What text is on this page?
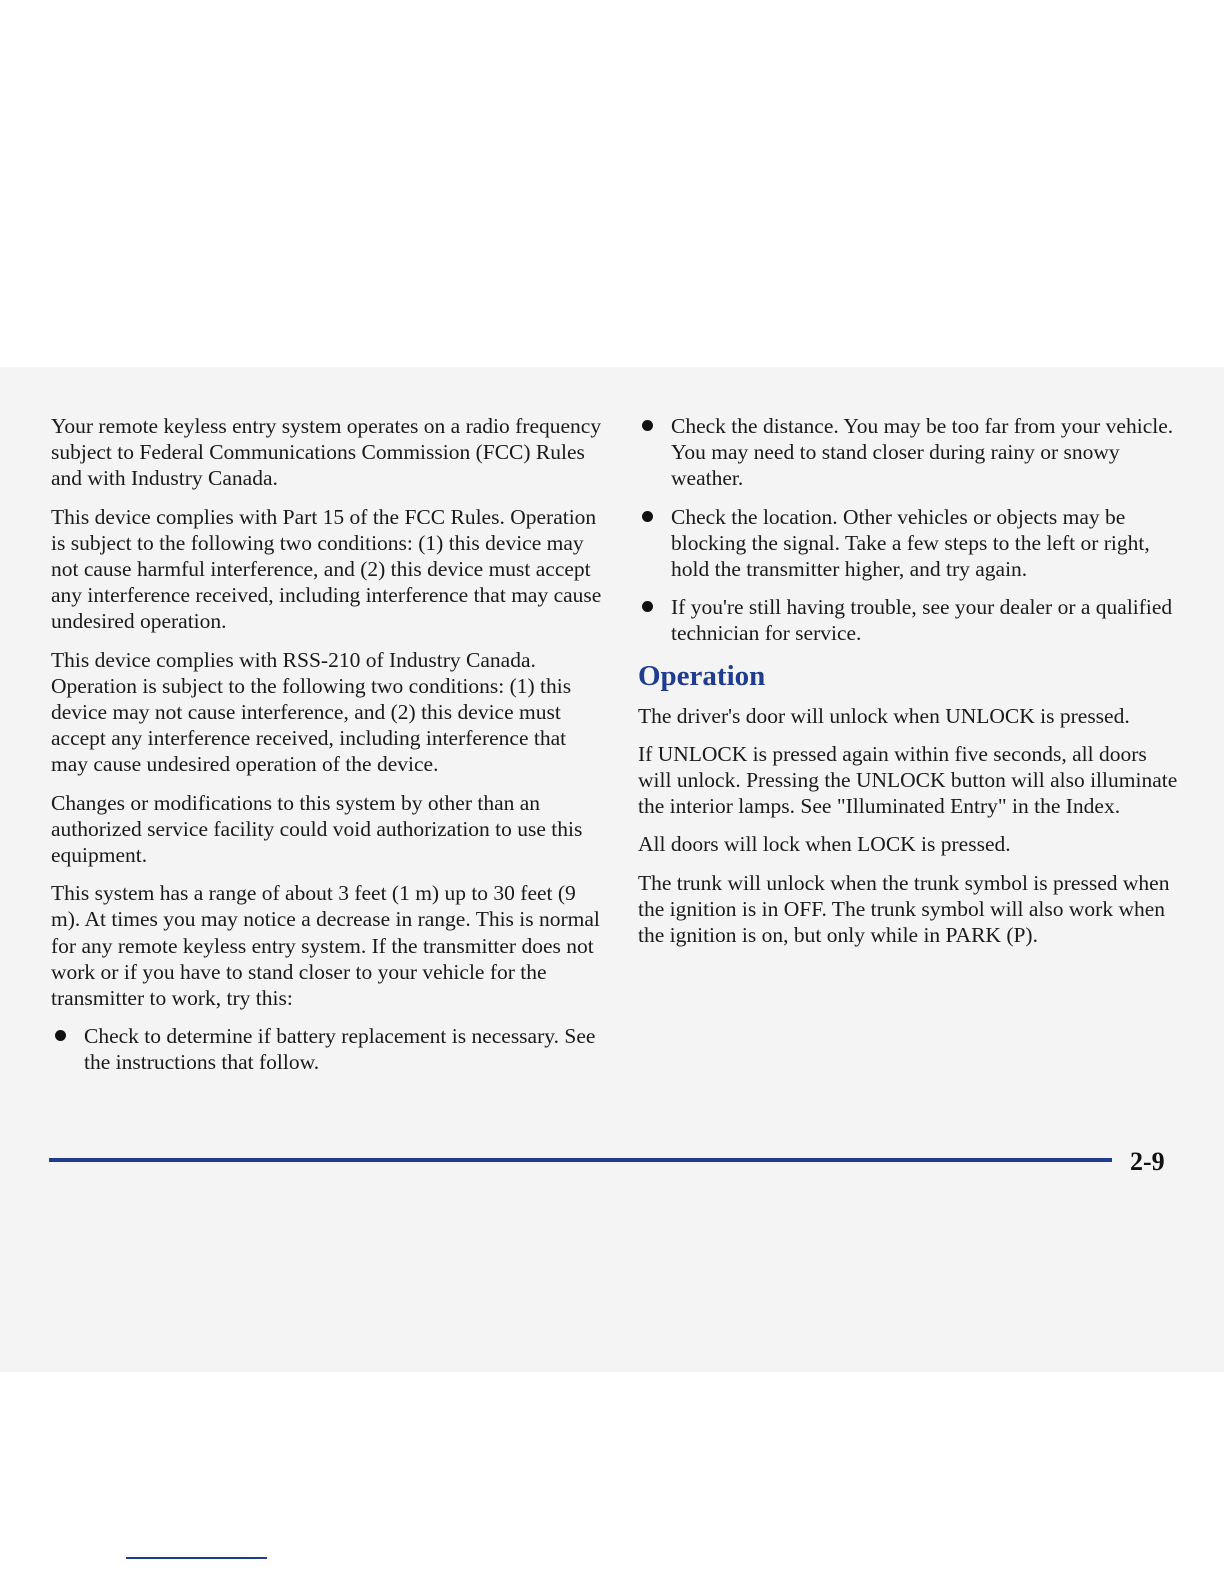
Your remote keyless entry system operates on a radio frequency subject to Federal Communications Commission (FCC) Rules and with Industry Canada.

This device complies with Part 15 of the FCC Rules. Operation is subject to the following two conditions: (1) this device may not cause harmful interference, and (2) this device must accept any interference received, including interference that may cause undesired operation.

This device complies with RSS-210 of Industry Canada. Operation is subject to the following two conditions: (1) this device may not cause interference, and (2) this device must accept any interference received, including interference that may cause undesired operation of the device.

Changes or modifications to this system by other than an authorized service facility could void authorization to use this equipment.

This system has a range of about 3 feet (1 m) up to 30 feet (9 m). At times you may notice a decrease in range. This is normal for any remote keyless entry system. If the transmitter does not work or if you have to stand closer to your vehicle for the transmitter to work, try this:

Check to determine if battery replacement is necessary. See the instructions that follow.
Check the distance. You may be too far from your vehicle. You may need to stand closer during rainy or snowy weather.
Check the location. Other vehicles or objects may be blocking the signal. Take a few steps to the left or right, hold the transmitter higher, and try again.
If you're still having trouble, see your dealer or a qualified technician for service.
Operation

The driver's door will unlock when UNLOCK is pressed.

If UNLOCK is pressed again within five seconds, all doors will unlock. Pressing the UNLOCK button will also illuminate the interior lamps. See "Illuminated Entry" in the Index.

All doors will lock when LOCK is pressed.

The trunk will unlock when the trunk symbol is pressed when the ignition is in OFF. The trunk symbol will also work when the ignition is on, but only while in PARK (P).

2-9
